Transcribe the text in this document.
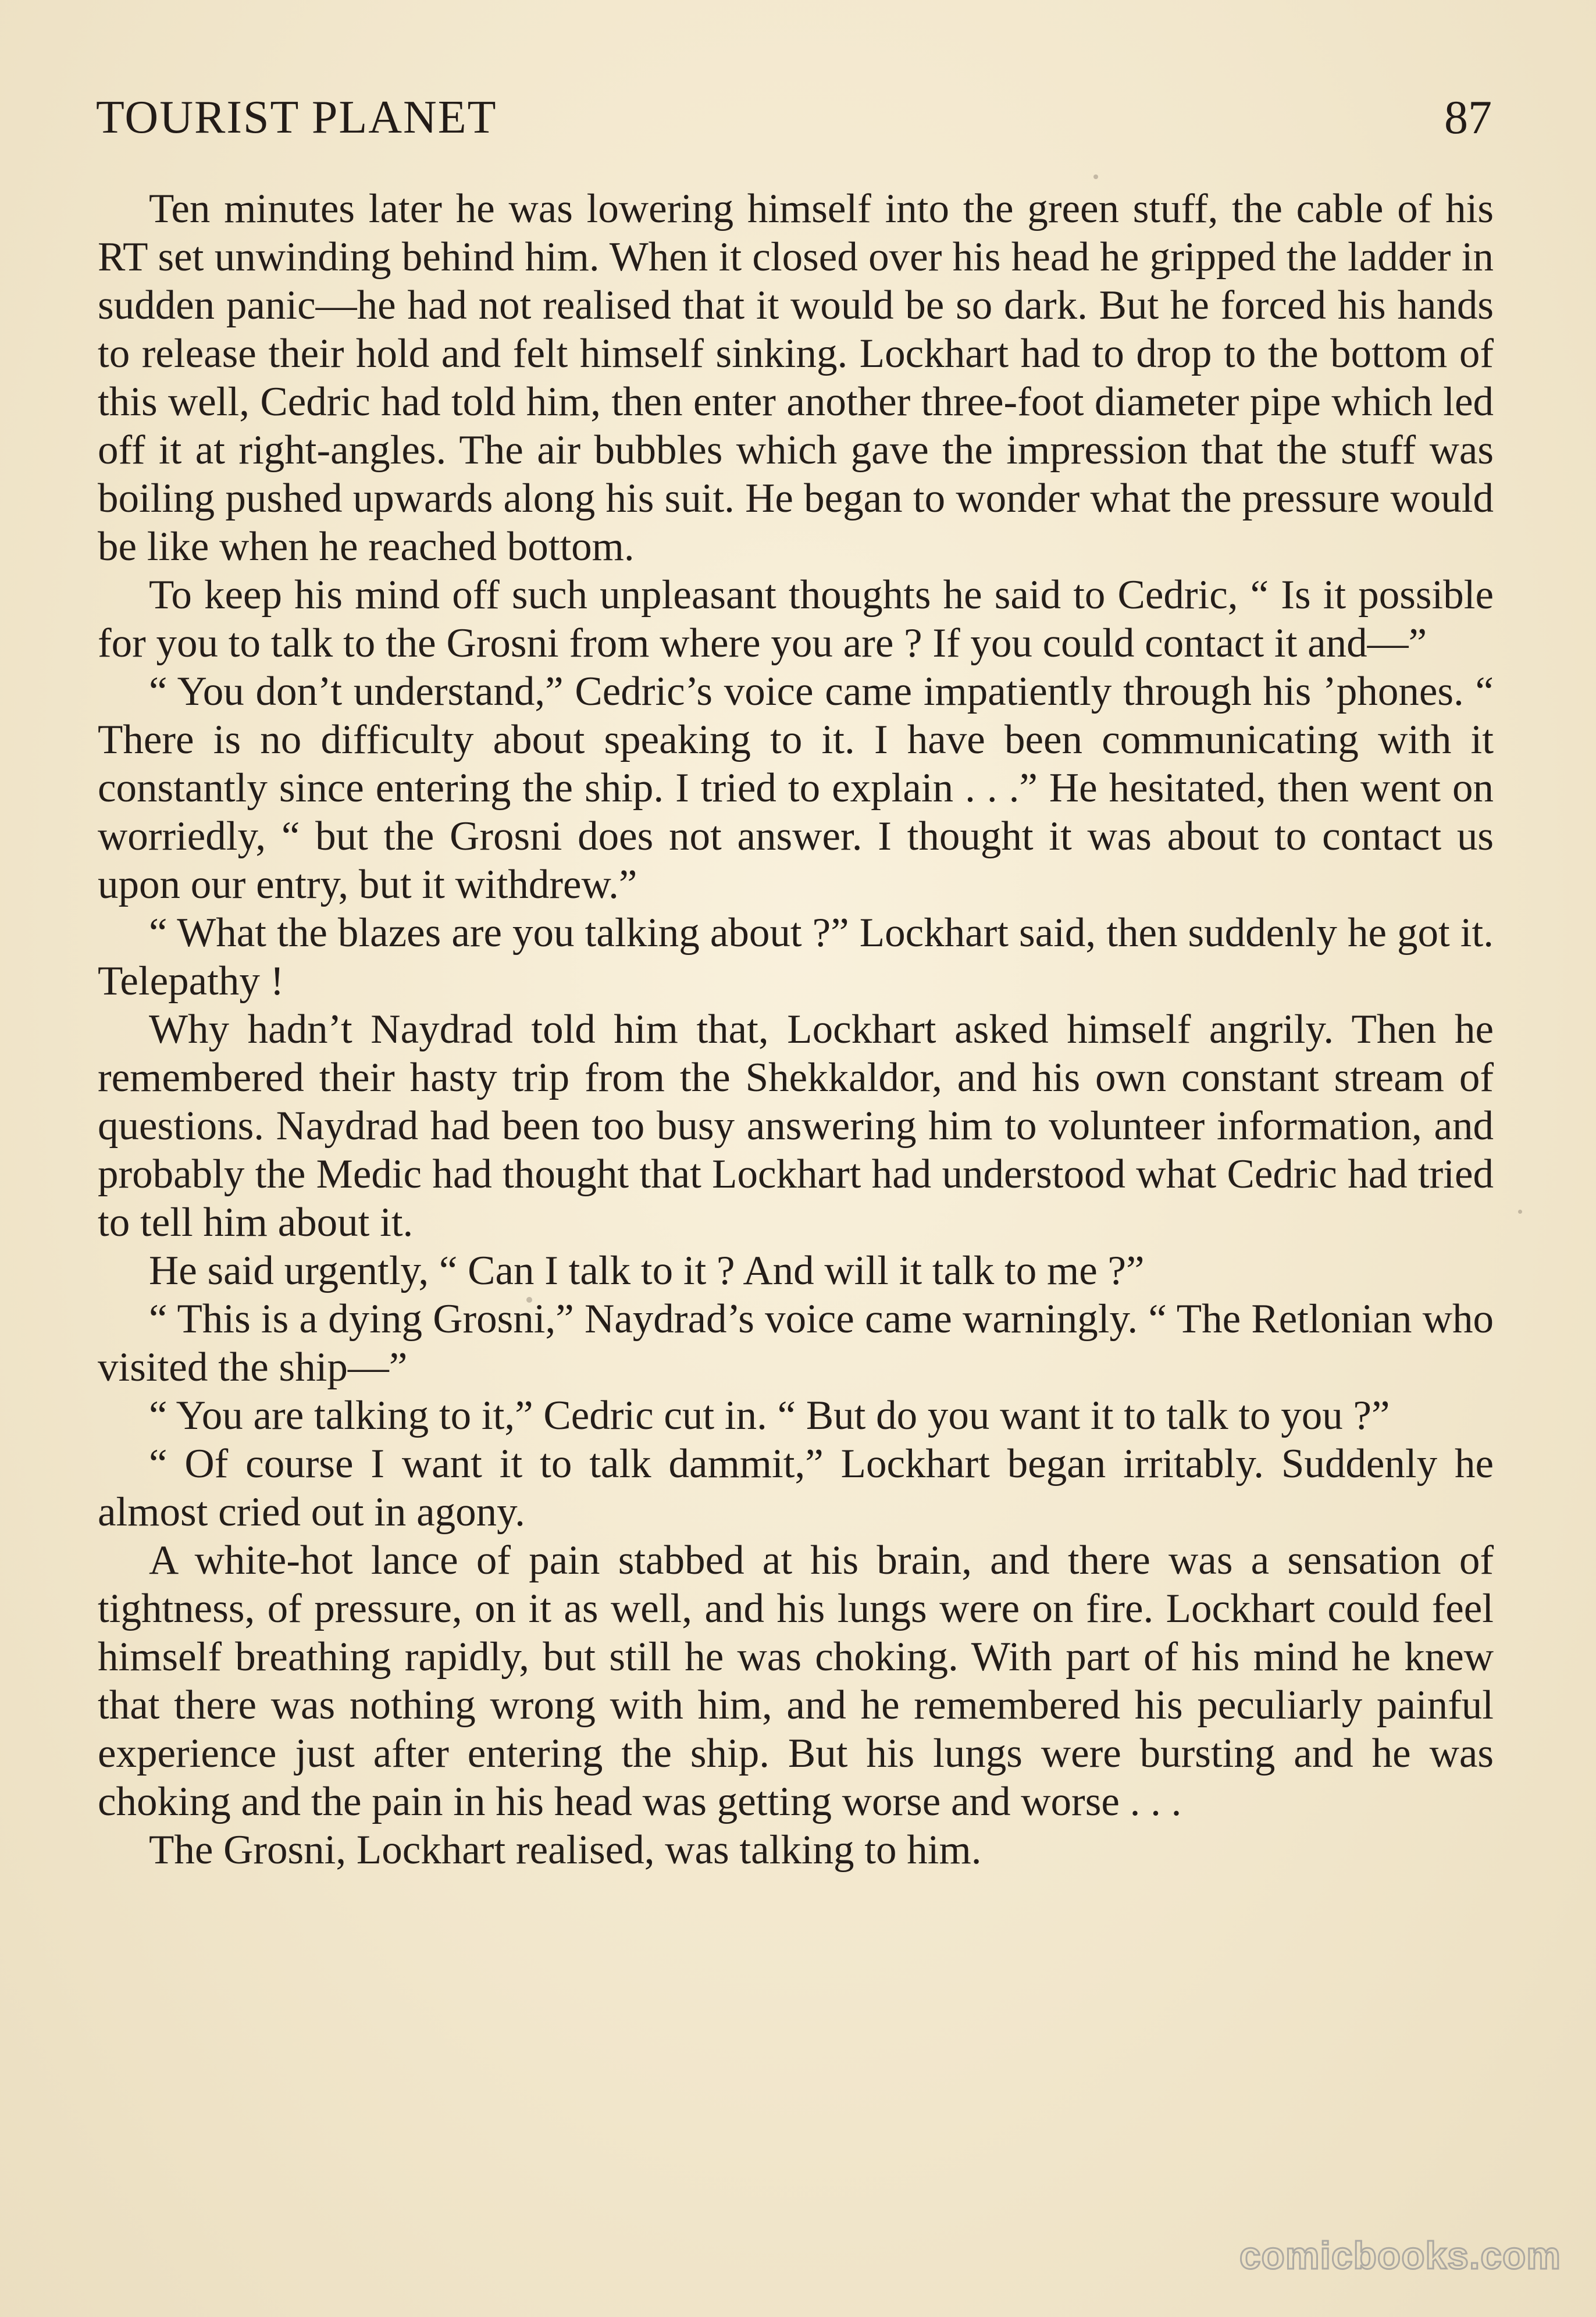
TOURIST PLANET	87

Ten minutes later he was lowering himself into the green stuff, the cable of his RT set unwinding behind him. When it closed over his head he gripped the ladder in sudden panic—he had not realised that it would be so dark. But he forced his hands to release their hold and felt himself sinking. Lockhart had to drop to the bottom of this well, Cedric had told him, then enter another three-foot diameter pipe which led off it at right-angles. The air bubbles which gave the impression that the stuff was boiling pushed upwards along his suit. He began to wonder what the pressure would be like when he reached bottom.

To keep his mind off such unpleasant thoughts he said to Cedric, “ Is it possible for you to talk to the Grosni from where you are ? If you could contact it and—”

“ You don’t understand,” Cedric’s voice came impatiently through his ’phones. “ There is no difficulty about speaking to it. I have been communicating with it constantly since entering the ship. I tried to explain . . .” He hesitated, then went on worriedly, “ but the Grosni does not answer. I thought it was about to contact us upon our entry, but it withdrew.”

“ What the blazes are you talking about ?” Lockhart said, then suddenly he got it. Telepathy !

Why hadn’t Naydrad told him that, Lockhart asked himself angrily. Then he remembered their hasty trip from the Shekkaldor, and his own constant stream of questions. Naydrad had been too busy answering him to volunteer information, and probably the Medic had thought that Lockhart had understood what Cedric had tried to tell him about it.

He said urgently, “ Can I talk to it ? And will it talk to me ?”

“ This is a dying Grosni,” Naydrad’s voice came warningly. “ The Retlonian who visited the ship—”

“ You are talking to it,” Cedric cut in. “ But do you want it to talk to you ?”

“ Of course I want it to talk dammit,” Lockhart began irritably. Suddenly he almost cried out in agony.

A white-hot lance of pain stabbed at his brain, and there was a sensation of tightness, of pressure, on it as well, and his lungs were on fire. Lockhart could feel himself breathing rapidly, but still he was choking. With part of his mind he knew that there was nothing wrong with him, and he remembered his peculiarly painful experience just after entering the ship. But his lungs were bursting and he was choking and the pain in his head was getting worse and worse . . .

The Grosni, Lockhart realised, was talking to him.

comicbooks.com
